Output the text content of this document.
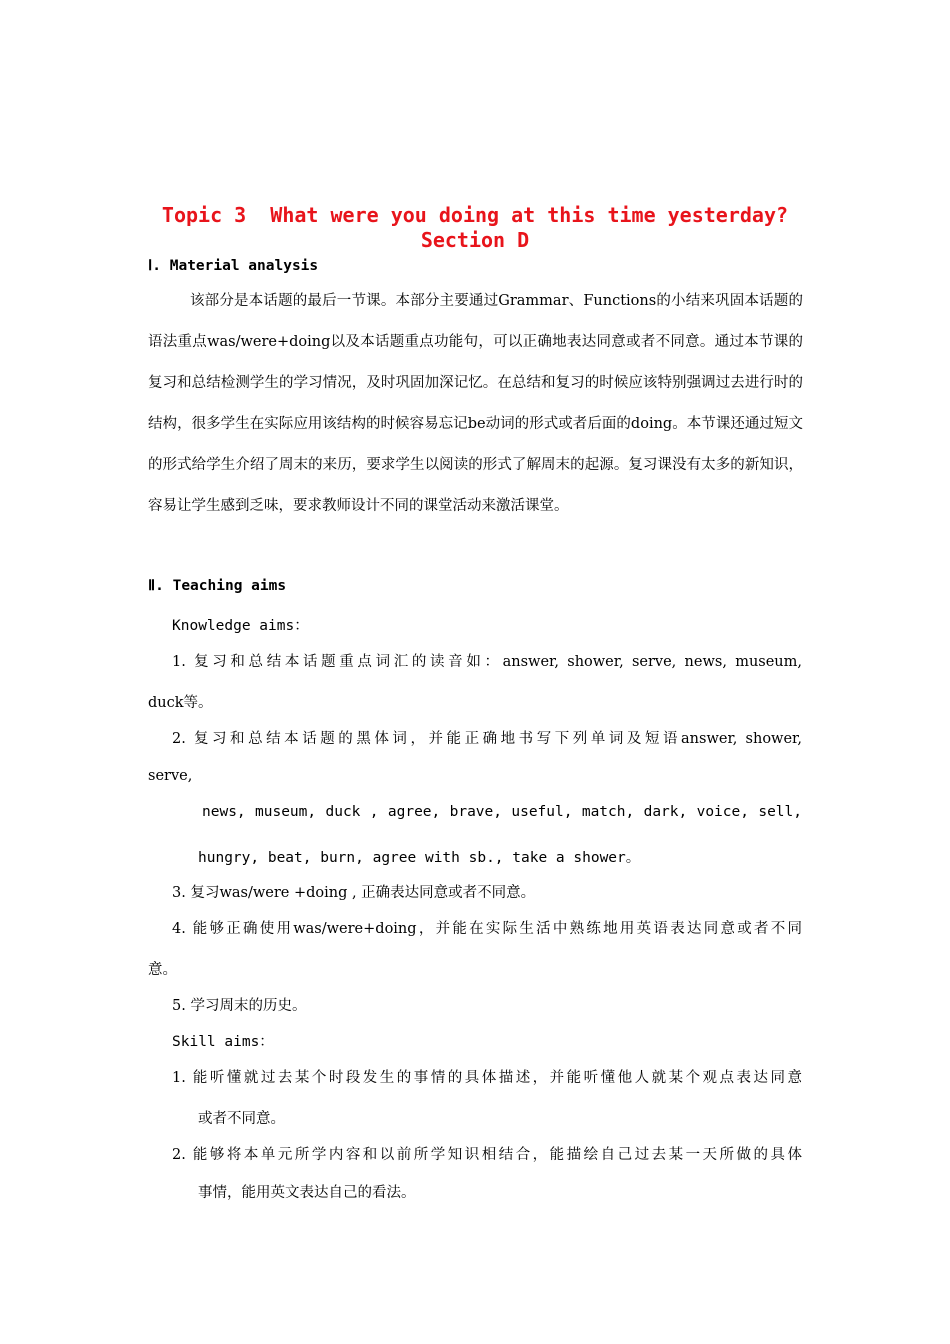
Topic 3  What were you doing at this time yesterday?
Section D
Ⅰ. Material analysis
该部分是本话题的最后一节课。本部分主要通过Grammar、Functions的小结来巩固本话题的语法重点was/were+doing以及本话题重点功能句，可以正确地表达同意或者不同意。通过本节课的复习和总结检测学生的学习情况，及时巩固加深记忆。在总结和复习的时候应该特别强调过去进行时的结构，很多学生在实际应用该结构的时候容易忘记be动词的形式或者后面的doing。本节课还通过短文的形式给学生介绍了周末的来历，要求学生以阅读的形式了解周末的起源。复习课没有太多的新知识，容易让学生感到乏味，要求教师设计不同的课堂活动来激活课堂。
Ⅱ. Teaching aims
Knowledge aims：
1. 复习和总结本话题重点词汇的读音如：answer, shower, serve, news, museum,
duck等。
2. 复习和总结本话题的黑体词，并能正确地书写下列单词及短语answer, shower,
serve,
news, museum, duck , agree, brave, useful, match, dark, voice, sell,
hungry, beat, burn, agree with sb., take a shower。
3. 复习was/were +doing , 正确表达同意或者不同意。
4. 能够正确使用was/were+doing，并能在实际生活中熟练地用英语表达同意或者不同
意。
5. 学习周末的历史。
Skill aims：
1. 能听懂就过去某个时段发生的事情的具体描述，并能听懂他人就某个观点表达同意
或者不同意。
2. 能够将本单元所学内容和以前所学知识相结合，能描绘自己过去某一天所做的具体
事情，能用英文表达自己的看法。
